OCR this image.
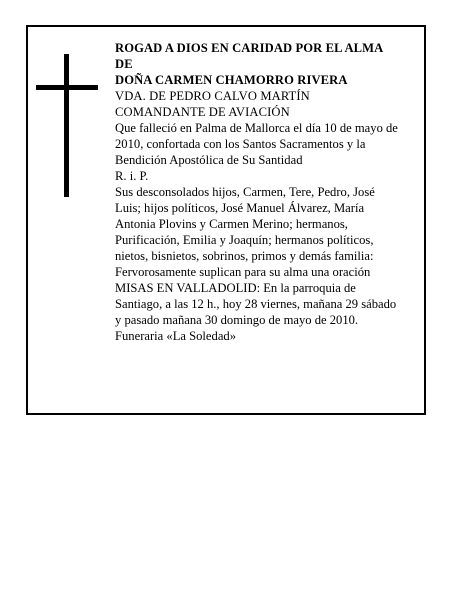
ROGAD A DIOS EN CARIDAD POR EL ALMA
DE
DOÑA CARMEN CHAMORRO RIVERA
VDA. DE PEDRO CALVO MARTÍN
COMANDANTE DE AVIACIÓN
Que falleció en Palma de Mallorca el día 10 de mayo de
2010, confortada con los Santos Sacramentos y la
Bendición Apostólica de Su Santidad
R. i. P.
Sus desconsolados hijos, Carmen, Tere, Pedro, José
Luis; hijos políticos, José Manuel Álvarez, María
Antonia Plovins y Carmen Merino; hermanos,
Purificación, Emilia y Joaquín; hermanos políticos,
nietos, bisnietos, sobrinos, primos y demás familia:
Fervorosamente suplican para su alma una oración
MISAS EN VALLADOLID: En la parroquia de
Santiago, a las 12 h., hoy 28 viernes, mañana 29 sábado
y pasado mañana 30 domingo de mayo de 2010.
Funeraria «La Soledad»
